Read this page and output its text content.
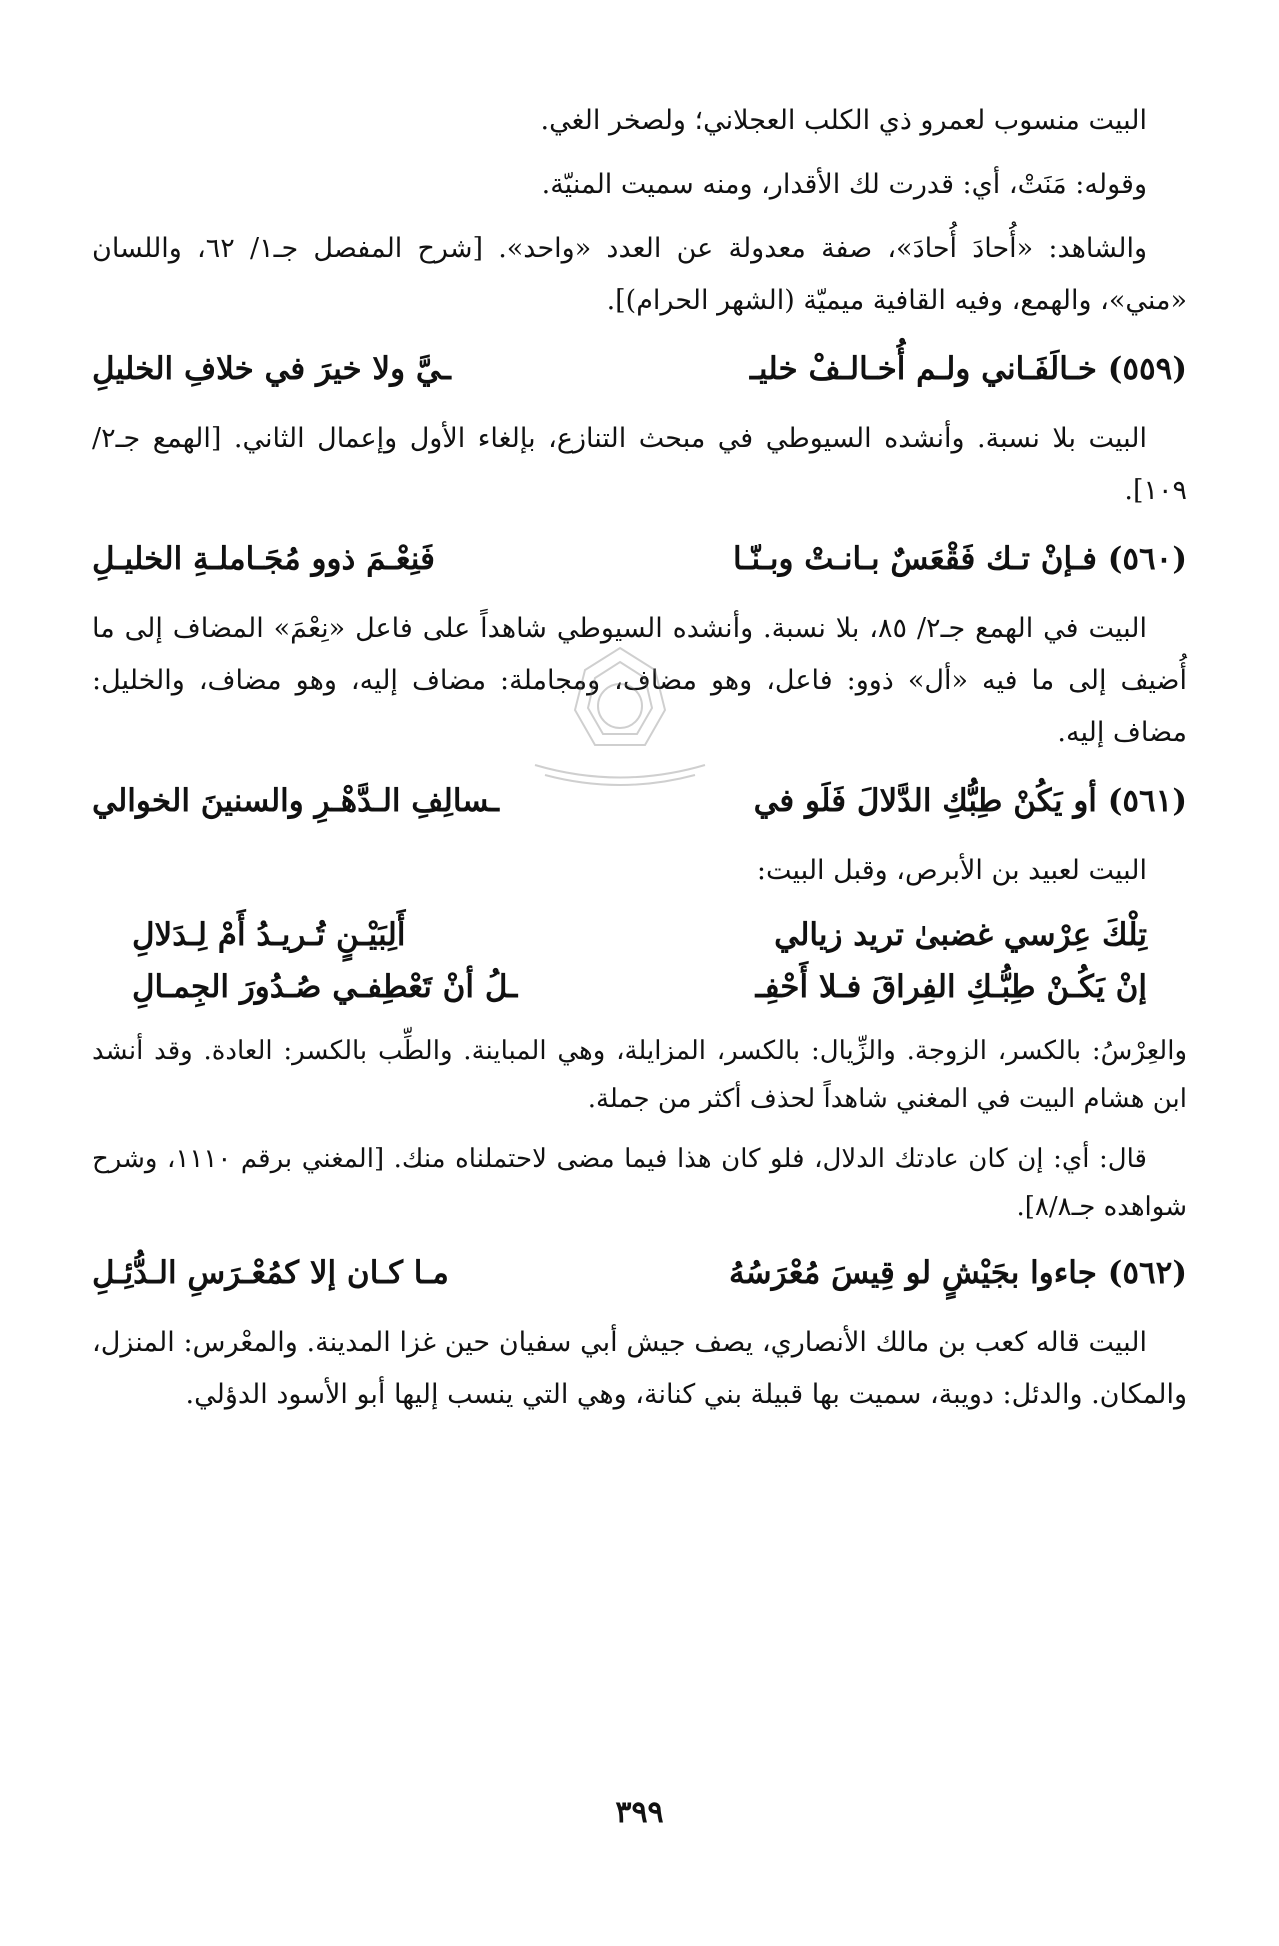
البيت منسوب لعمرو ذي الكلب العجلاني؛ ولصخر الغي.

وقوله: مَنَتْ، أي: قدرت لك الأقدار، ومنه سميت المنيّة.

والشاهد: «أُحادَ أُحادَ»، صفة معدولة عن العدد «واحد». [شرح المفصل جـ١/ ٦٢، واللسان «مني»، والهمع، وفيه القافية ميميّة (الشهر الحرام)].

(٥٥٩) خـالَفَـاني ولـم أُخـالـفْ خليـ
ـيَّ ولا خيرَ في خلافِ الخليلِ

البيت بلا نسبة. وأنشده السيوطي في مبحث التنازع، بإلغاء الأول وإعمال الثاني. [الهمع جـ٢/ ١٠٩].

(٥٦٠) فـإنْ تـك فَقْعَسٌ بـانـتْ وبـنّـا
فَنِعْـمَ ذوو مُجَـاملـةِ الخليـلِ

البيت في الهمع جـ٢/ ٨٥، بلا نسبة. وأنشده السيوطي شاهداً على فاعل «نِعْمَ» المضاف إلى ما أُضيف إلى ما فيه «أل» ذوو: فاعل، وهو مضاف، ومجاملة: مضاف إليه، وهو مضاف، والخليل: مضاف إليه.

(٥٦١) أو يَكُنْ طِبُّكِ الدَّلالَ فَلَو في
ـسالِفِ الـدَّهْـرِ والسنينَ الخوالي

البيت لعبيد بن الأبرص، وقبل البيت:

تِلْكَ عِرْسي غضبىٰ تريد زيالي
أَلِبَيْـنٍ تُـريـدُ أَمْ لِـدَلالِ
إنْ يَكُـنْ طِبُّـكِ الفِراقَ فـلا أَحْفِـ
ـلُ أنْ تَعْطِفـي صُـدُورَ الجِمـالِ

والعِرْسُ: بالكسر، الزوجة. والزِّيال: بالكسر، المزايلة، وهي المباينة. والطِّب بالكسر: العادة. وقد أنشد ابن هشام البيت في المغني شاهداً لحذف أكثر من جملة.

قال: أي: إن كان عادتك الدلال، فلو كان هذا فيما مضى لاحتملناه منك. [المغني برقم ١١١٠، وشرح شواهده جـ٨/٨].

(٥٦٢) جاءوا بجَيْشٍ لو قِيسَ مُعْرَسُهُ
مـا كـان إلا كمُعْـرَسِ الـدُّئِـلِ

البيت قاله كعب بن مالك الأنصاري، يصف جيش أبي سفيان حين غزا المدينة. والمعْرس: المنزل، والمكان. والدئل: دويبة، سميت بها قبيلة بني كنانة، وهي التي ينسب إليها أبو الأسود الدؤلي.

٣٩٩
